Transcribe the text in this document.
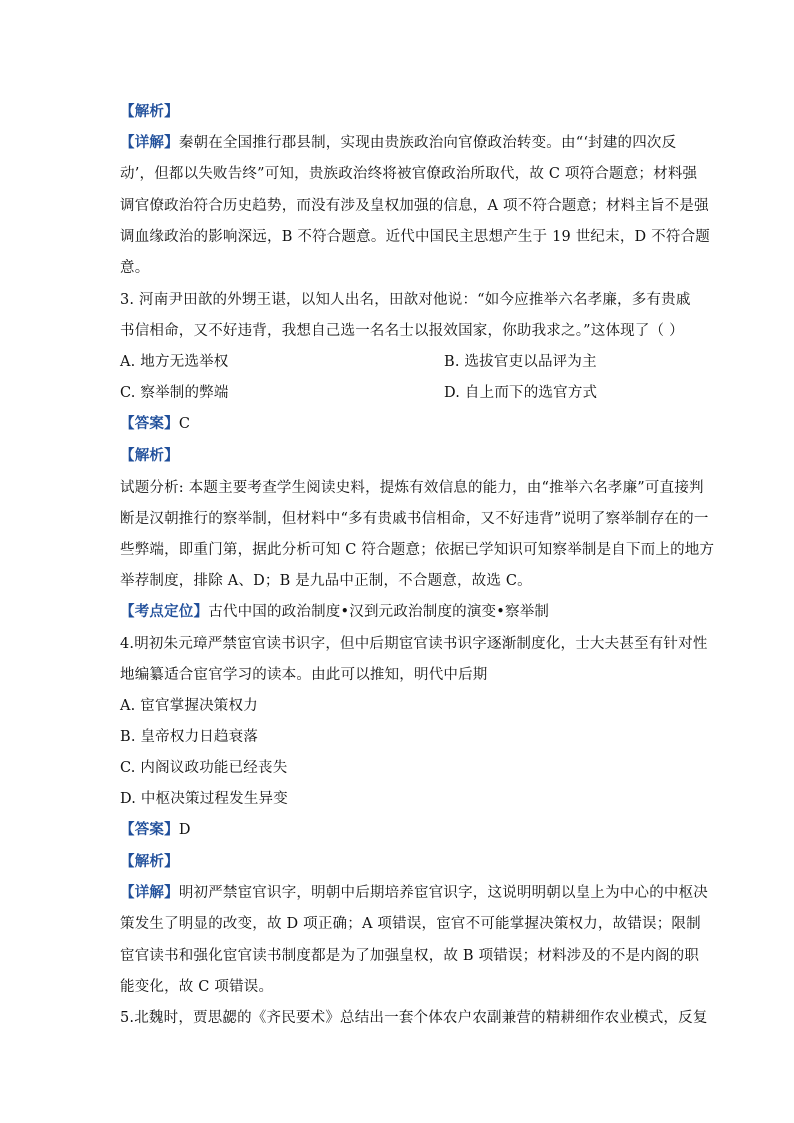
【解析】
【详解】秦朝在全国推行郡县制，实现由贵族政治向官僚政治转变。由“‘封建的四次反
动’，但都以失败告终”可知，贵族政治终将被官僚政治所取代，故 C 项符合题意；材料强
调官僚政治符合历史趋势，而没有涉及皇权加强的信息，A 项不符合题意；材料主旨不是强
调血缘政治的影响深远，B 不符合题意。近代中国民主思想产生于 19 世纪末，D 不符合题
意。
3. 河南尹田歆的外甥王谌，以知人出名，田歆对他说：“如今应推举六名孝廉，多有贵戚
书信相命，又不好违背，我想自己选一名名士以报效国家，你助我求之。”这体现了（ ）
A. 地方无选举权	B. 选拔官吏以品评为主
C. 察举制的弊端	D. 自上而下的选官方式
【答案】C
【解析】
试题分析: 本题主要考查学生阅读史料，提炼有效信息的能力，由“推举六名孝廉”可直接判
断是汉朝推行的察举制，但材料中“多有贵戚书信相命，又不好违背”说明了察举制存在的一
些弊端，即重门第，据此分析可知 C 符合题意；依据已学知识可知察举制是自下而上的地方
举荐制度，排除 A、D；B 是九品中正制，不合题意，故选 C。
【考点定位】古代中国的政治制度•汉到元政治制度的演变•察举制
4.明初朱元璋严禁宦官读书识字，但中后期宦官读书识字逐渐制度化，士大夫甚至有针对性
地编纂适合宦官学习的读本。由此可以推知，明代中后期
A. 宦官掌握决策权力
B. 皇帝权力日趋衰落
C. 内阁议政功能已经丧失
D. 中枢决策过程发生异变
【答案】D
【解析】
【详解】明初严禁宦官识字，明朝中后期培养宦官识字，这说明明朝以皇上为中心的中枢决
策发生了明显的改变，故 D 项正确；A 项错误，宦官不可能掌握决策权力，故错误；限制
宦官读书和强化宦官读书制度都是为了加强皇权，故 B 项错误；材料涉及的不是内阁的职
能变化，故 C 项错误。
5.北魏时，贾思勰的《齐民要术》总结出一套个体农户农副兼营的精耕细作农业模式，反复
